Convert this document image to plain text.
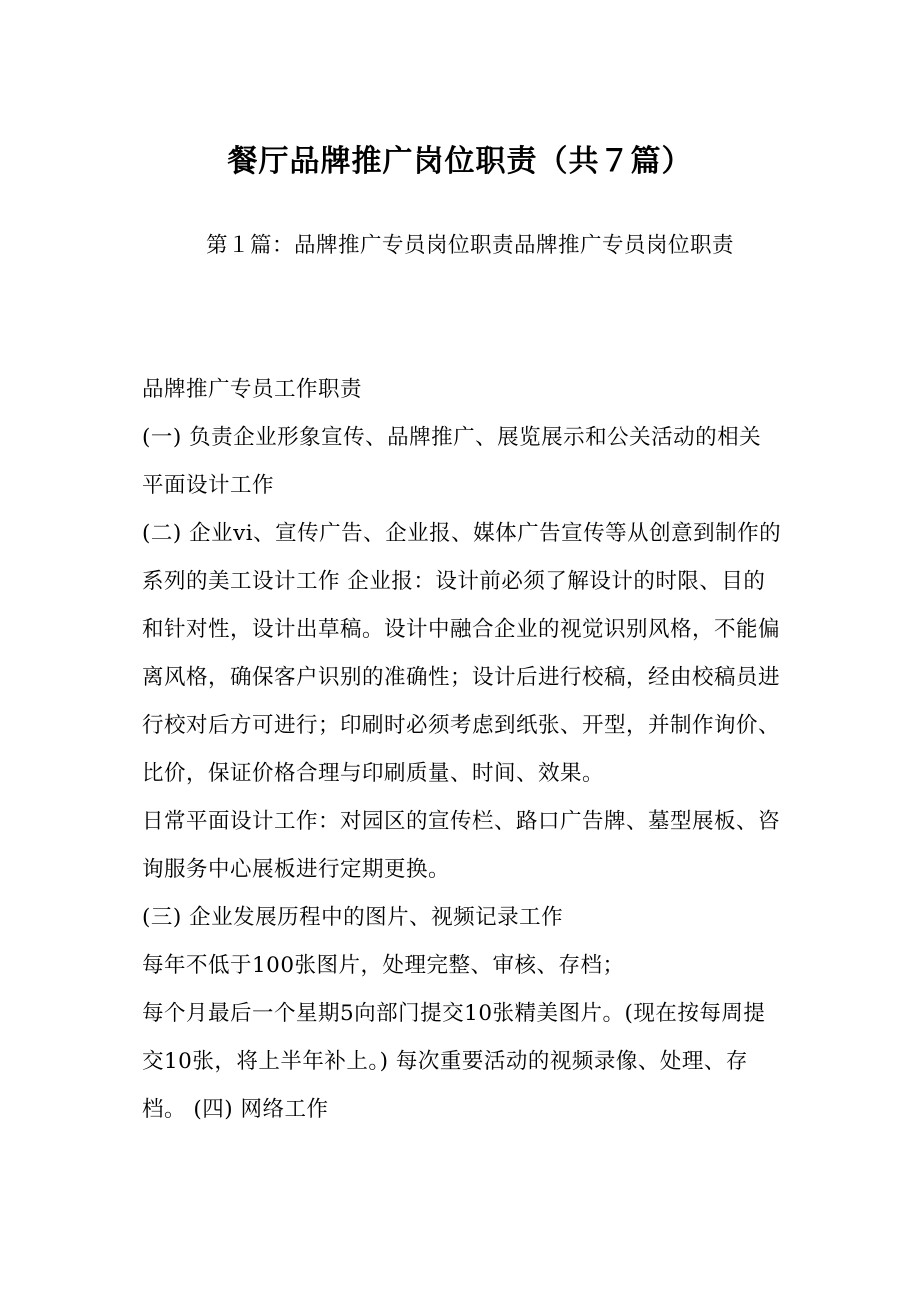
餐厅品牌推广岗位职责（共７篇）
第１篇：品牌推广专员岗位职责品牌推广专员岗位职责

品牌推广专员工作职责

(一) 负责企业形象宣传、品牌推广、展览展示和公关活动的相关平面设计工作

(二) 企业vi、宣传广告、企业报、媒体广告宣传等从创意到制作的系列的美工设计工作 企业报：设计前必须了解设计的时限、目的和针对性，设计出草稿。设计中融合企业的视觉识别风格，不能偏离风格，确保客户识别的准确性；设计后进行校稿，经由校稿员进行校对后方可进行；印刷时必须考虑到纸张、开型，并制作询价、比价，保证价格合理与印刷质量、时间、效果。

日常平面设计工作：对园区的宣传栏、路口广告牌、墓型展板、咨询服务中心展板进行定期更换。

(三) 企业发展历程中的图片、视频记录工作

每年不低于100张图片，处理完整、审核、存档；

每个月最后一个星期5向部门提交10张精美图片。(现在按每周提交10张，将上半年补上。) 每次重要活动的视频录像、处理、存档。 (四) 网络工作
